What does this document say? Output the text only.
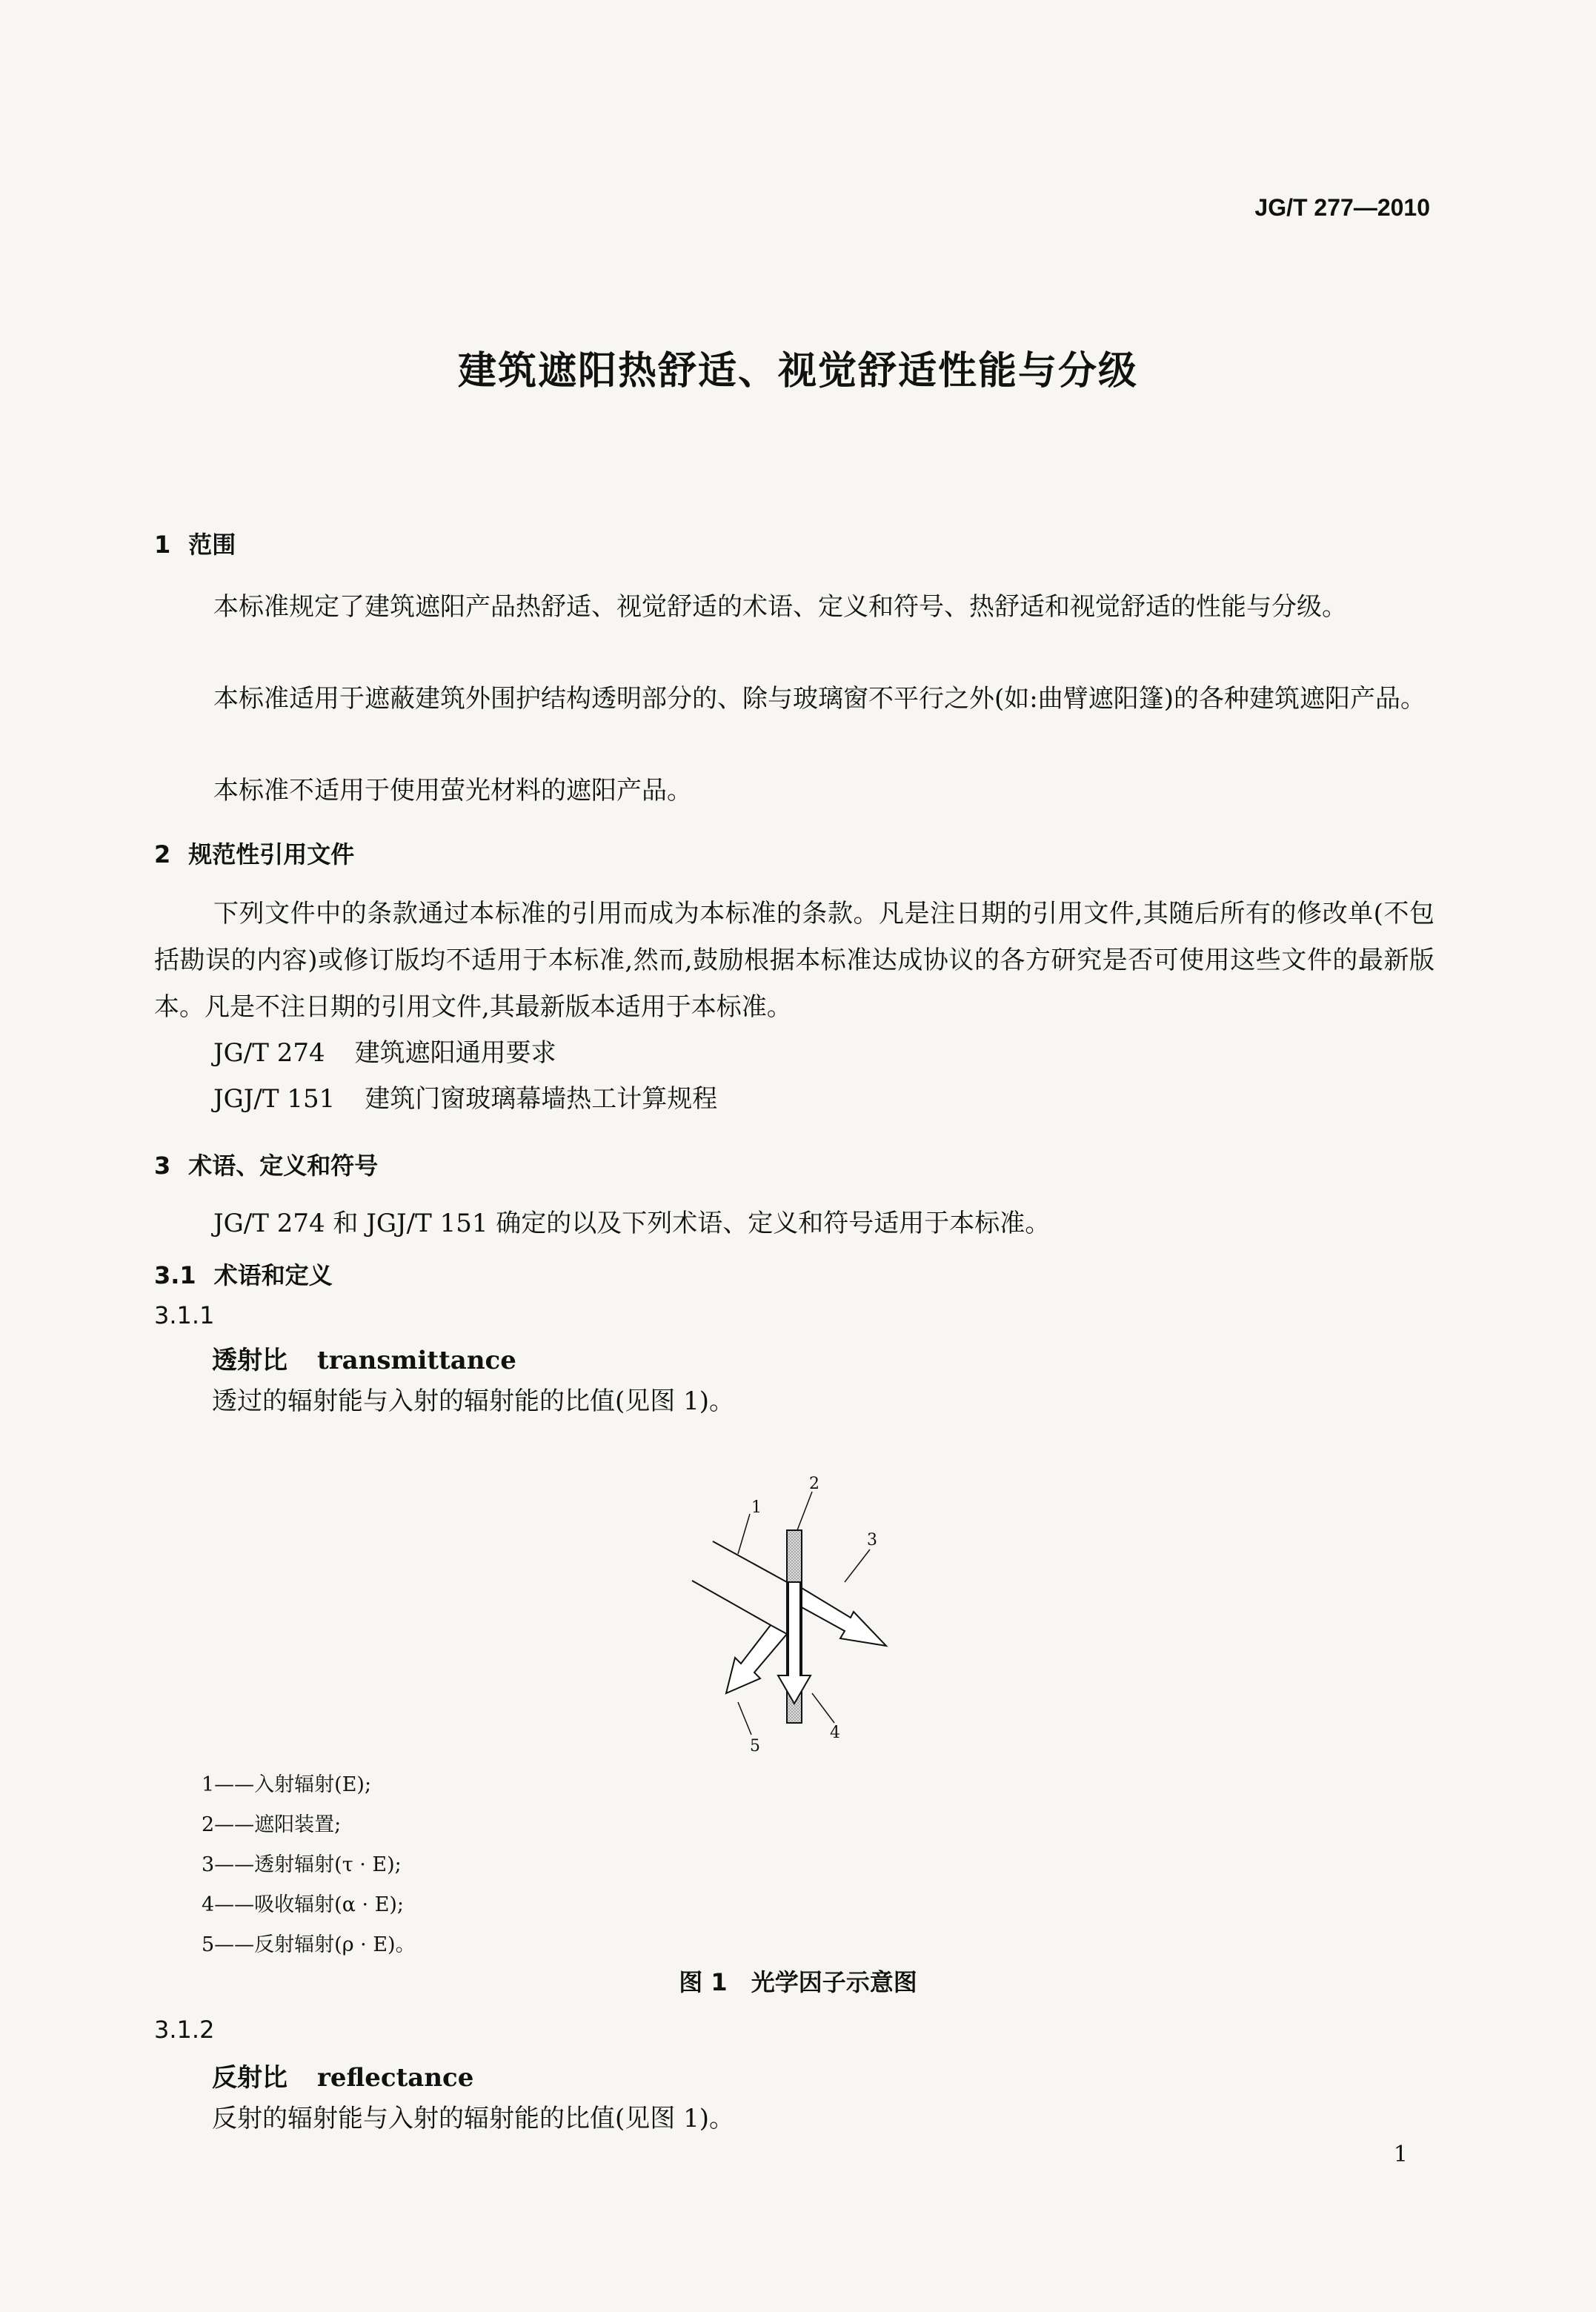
JG/T 277—2010
建筑遮阳热舒适、视觉舒适性能与分级
1 范围
本标准规定了建筑遮阳产品热舒适、视觉舒适的术语、定义和符号、热舒适和视觉舒适的性能与分级。
本标准适用于遮蔽建筑外围护结构透明部分的、除与玻璃窗不平行之外(如:曲臂遮阳篷)的各种建筑遮阳产品。
本标准不适用于使用萤光材料的遮阳产品。
2 规范性引用文件
下列文件中的条款通过本标准的引用而成为本标准的条款。凡是注日期的引用文件,其随后所有的修改单(不包括勘误的内容)或修订版均不适用于本标准,然而,鼓励根据本标准达成协议的各方研究是否可使用这些文件的最新版本。凡是不注日期的引用文件,其最新版本适用于本标准。
JG/T 274 建筑遮阳通用要求
JGJ/T 151 建筑门窗玻璃幕墙热工计算规程
3 术语、定义和符号
JG/T 274 和 JGJ/T 151 确定的以及下列术语、定义和符号适用于本标准。
3.1 术语和定义
3.1.1
透射比 transmittance
透过的辐射能与入射的辐射能的比值(见图 1)。
1
2
3
4
5
1——入射辐射(E);
2——遮阳装置;
3——透射辐射(τ · E);
4——吸收辐射(α · E);
5——反射辐射(ρ · E)。
图 1 光学因子示意图
3.1.2
反射比 reflectance
反射的辐射能与入射的辐射能的比值(见图 1)。
1
